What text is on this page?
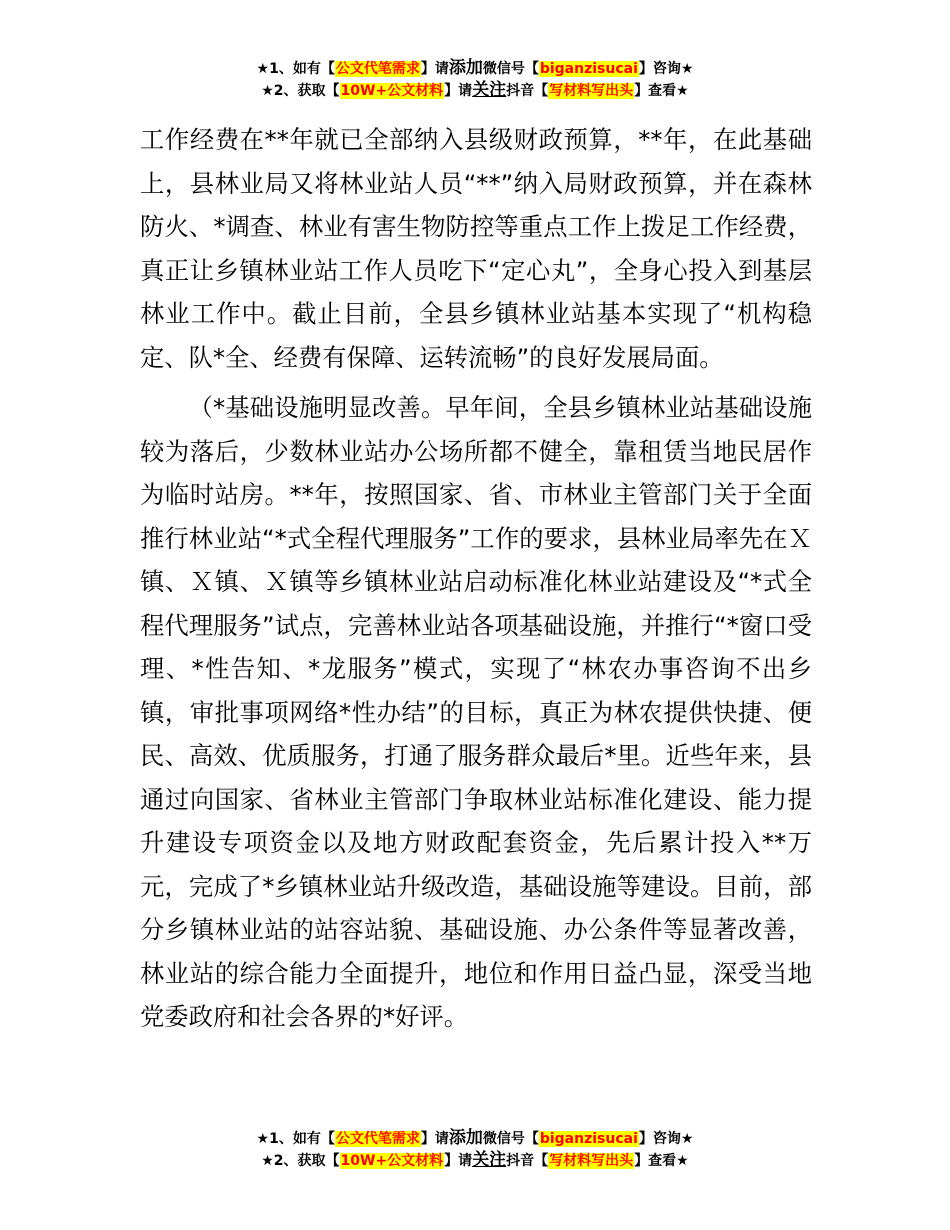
★1、如有【公文代笔需求】请添加微信号【biganzisucai】咨询★
★2、获取【10W+公文材料】请关注抖音【写材料写出头】查看★

工作经费在**年就已全部纳入县级财政预算，**年，在此基础上，县林业局又将林业站人员“**”纳入局财政预算，并在森林防火、*调查、林业有害生物防控等重点工作上拨足工作经费，真正让乡镇林业站工作人员吃下“定心丸”，全身心投入到基层林业工作中。截止目前，全县乡镇林业站基本实现了“机构稳定、队*全、经费有保障、运转流畅”的良好发展局面。

（*基础设施明显改善。早年间，全县乡镇林业站基础设施较为落后，少数林业站办公场所都不健全，靠租赁当地民居作为临时站房。**年，按照国家、省、市林业主管部门关于全面推行林业站“*式全程代理服务”工作的要求，县林业局率先在Ｘ镇、Ｘ镇、Ｘ镇等乡镇林业站启动标准化林业站建设及“*式全程代理服务”试点，完善林业站各项基础设施，并推行“*窗口受理、*性告知、*龙服务”模式，实现了“林农办事咨询不出乡镇，审批事项网络*性办结”的目标，真正为林农提供快捷、便民、高效、优质服务，打通了服务群众最后*里。近些年来，县通过向国家、省林业主管部门争取林业站标准化建设、能力提升建设专项资金以及地方财政配套资金，先后累计投入**万元，完成了*乡镇林业站升级改造，基础设施等建设。目前，部分乡镇林业站的站容站貌、基础设施、办公条件等显著改善，林业站的综合能力全面提升，地位和作用日益凸显，深受当地党委政府和社会各界的*好评。

★1、如有【公文代笔需求】请添加微信号【biganzisucai】咨询★
★2、获取【10W+公文材料】请关注抖音【写材料写出头】查看★
